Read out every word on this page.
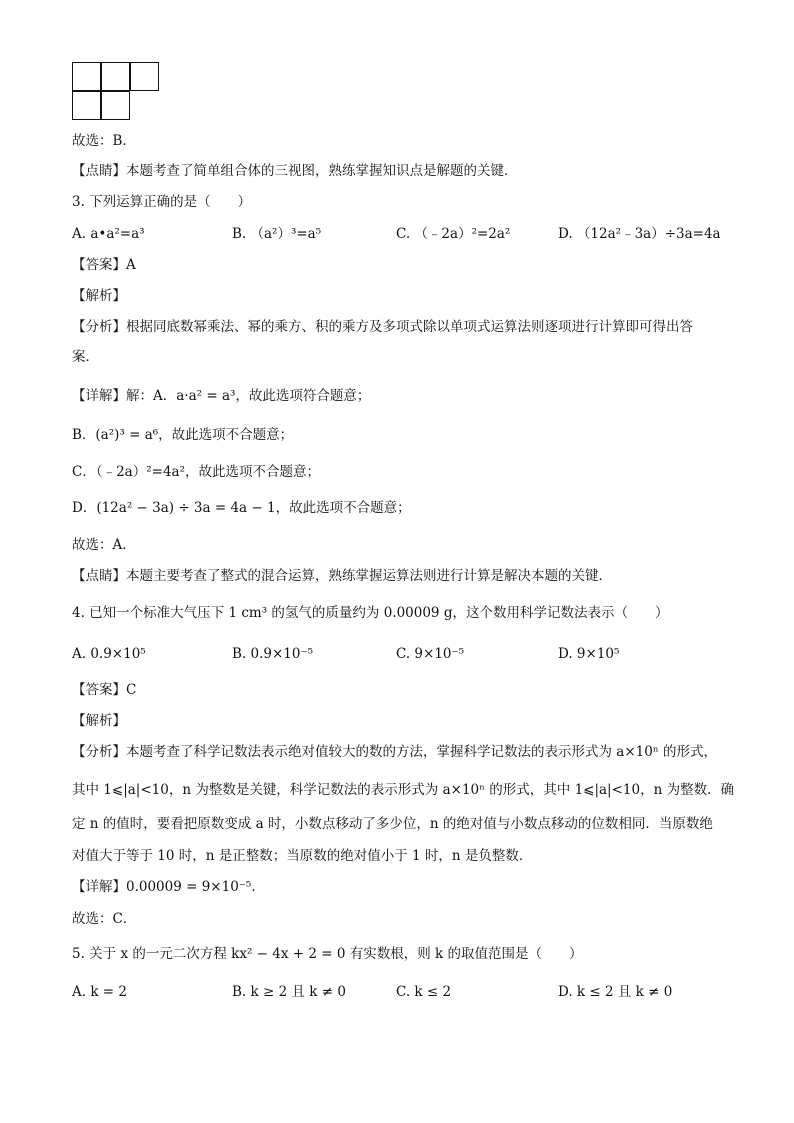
故选：B．
【点睛】本题考查了简单组合体的三视图，熟练掌握知识点是解题的关键．
3. 下列运算正确的是（　　）
A. a•a²=a³	B. （a²）³=a⁵	C. （﹣2a）²=2a²	D. （12a²﹣3a）÷3a=4a
【答案】A
【解析】
【分析】根据同底数幂乘法、幂的乘方、积的乘方及多项式除以单项式运算法则逐项进行计算即可得出答
案．
【详解】解：A．a·a² = a³，故此选项符合题意；
B．(a²)³ = a⁶，故此选项不合题意；
C．（﹣2a）²=4a²，故此选项不合题意；
D．(12a² − 3a) ÷ 3a = 4a − 1，故此选项不合题意；
故选：A．
【点睛】本题主要考查了整式的混合运算，熟练掌握运算法则进行计算是解决本题的关键．
4. 已知一个标准大气压下 1 cm³ 的氢气的质量约为 0.00009 g，这个数用科学记数法表示（　　）
A. 0.9×10⁵	B. 0.9×10⁻⁵	C. 9×10⁻⁵	D. 9×10⁵
【答案】C
【解析】
【分析】本题考查了科学记数法表示绝对值较大的数的方法，掌握科学记数法的表示形式为 a×10ⁿ 的形式，
其中 1⩽|a|<10，n 为整数是关键，科学记数法的表示形式为 a×10ⁿ 的形式，其中 1⩽|a|<10，n 为整数．确
定 n 的值时，要看把原数变成 a 时，小数点移动了多少位，n 的绝对值与小数点移动的位数相同．当原数绝
对值大于等于 10 时，n 是正整数；当原数的绝对值小于 1 时，n 是负整数．
【详解】0.00009 = 9×10⁻⁵．
故选：C．
5. 关于 x 的一元二次方程 kx² − 4x + 2 = 0 有实数根，则 k 的取值范围是（　　）
A. k = 2	B. k ≥ 2 且 k ≠ 0	C. k ≤ 2	D. k ≤ 2 且 k ≠ 0
